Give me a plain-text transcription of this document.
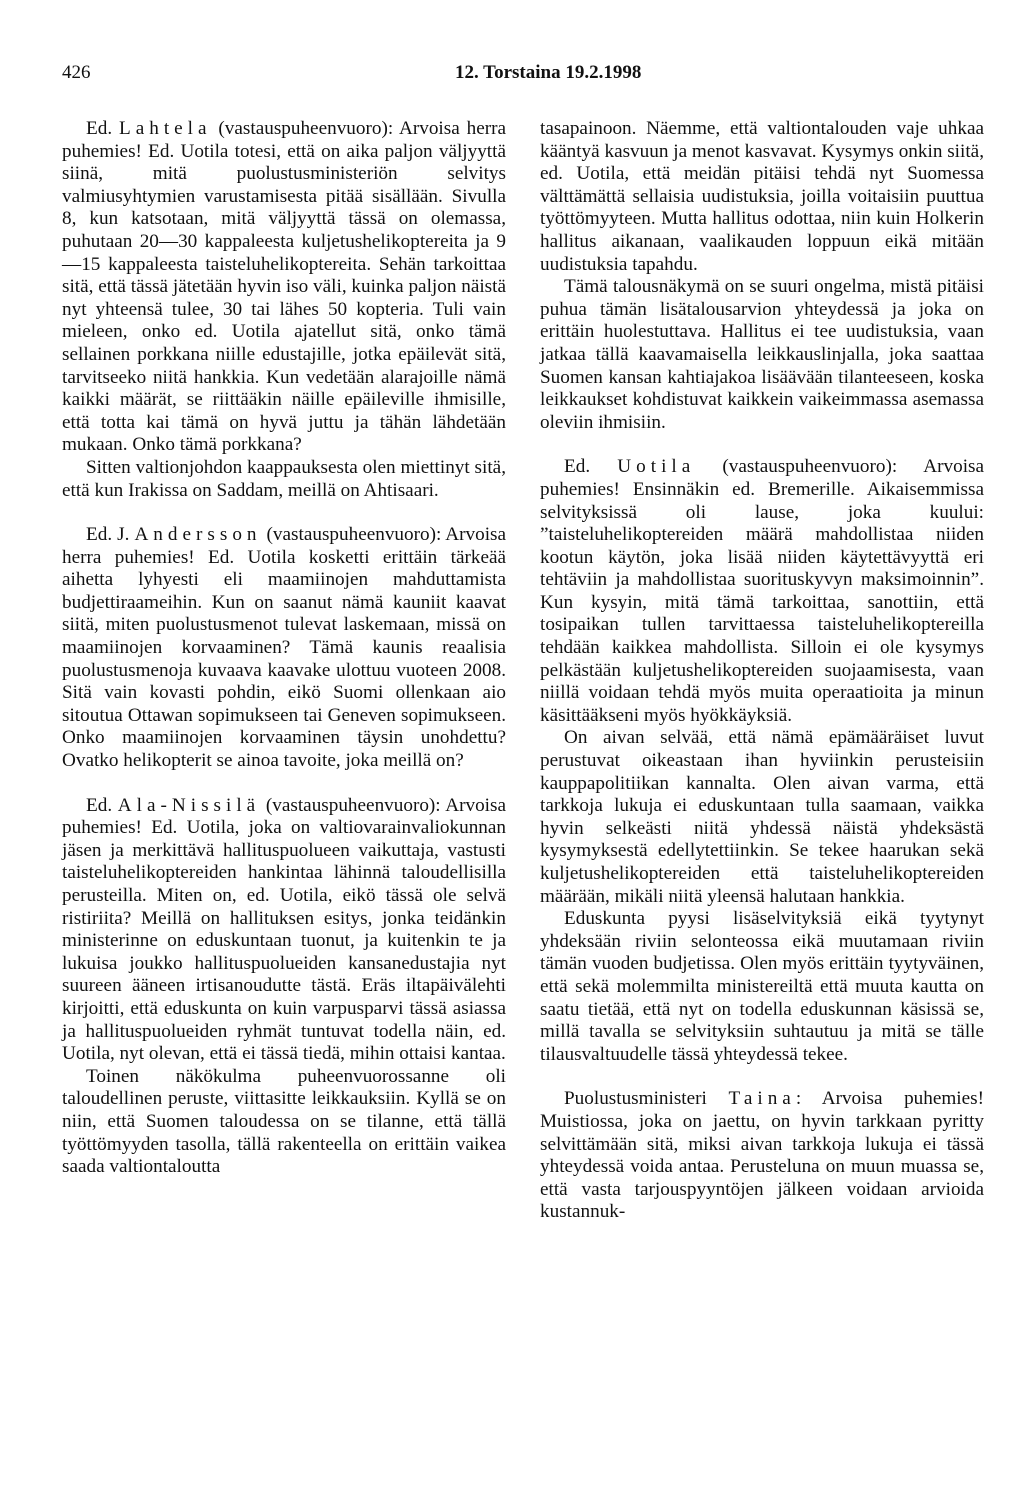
426	12. Torstaina 19.2.1998

Ed. Lahtela (vastauspuheenvuoro): Arvoisa herra puhemies! Ed. Uotila totesi, että on aika paljon väljyyttä siinä, mitä puolustusministeriön selvitys valmiusyhtymien varustamisesta pitää sisällään. Sivulla 8, kun katsotaan, mitä väljyyttä tässä on olemassa, puhutaan 20—30 kappaleesta kuljetushelikoptereita ja 9—15 kappaleesta taisteluhelikoptereita. Sehän tarkoittaa sitä, että tässä jätetään hyvin iso väli, kuinka paljon näistä nyt yhteensä tulee, 30 tai lähes 50 kopteria. Tuli vain mieleen, onko ed. Uotila ajatellut sitä, onko tämä sellainen porkkana niille edustajille, jotka epäilevät sitä, tarvitseeko niitä hankkia. Kun vedetään alarajoille nämä kaikki määrät, se riittääkin näille epäileville ihmisille, että totta kai tämä on hyvä juttu ja tähän lähdetään mukaan. Onko tämä porkkana?

Sitten valtionjohdon kaappauksesta olen miettinyt sitä, että kun Irakissa on Saddam, meillä on Ahtisaari.

Ed. J. Andersson (vastauspuheenvuoro): Arvoisa herra puhemies! Ed. Uotila kosketti erittäin tärkeää aihetta lyhyesti eli maamiinojen mahduttamista budjettiraameihin. Kun on saanut nämä kauniit kaavat siitä, miten puolustusmenot tulevat laskemaan, missä on maamiinojen korvaaminen? Tämä kaunis reaalisia puolustusmenoja kuvaava kaavake ulottuu vuoteen 2008. Sitä vain kovasti pohdin, eikö Suomi ollenkaan aio sitoutua Ottawan sopimukseen tai Geneven sopimukseen. Onko maamiinojen korvaaminen täysin unohdettu? Ovatko helikopterit se ainoa tavoite, joka meillä on?

Ed. Ala-Nissilä (vastauspuheenvuoro): Arvoisa puhemies! Ed. Uotila, joka on valtiovarainvaliokunnan jäsen ja merkittävä hallituspuolueen vaikuttaja, vastusti taisteluhelikoptereiden hankintaa lähinnä taloudellisilla perusteilla. Miten on, ed. Uotila, eikö tässä ole selvä ristiriita? Meillä on hallituksen esitys, jonka teidänkin ministerinne on eduskuntaan tuonut, ja kuitenkin te ja lukuisa joukko hallituspuolueiden kansanedustajia nyt suureen ääneen irtisanoudutte tästä. Eräs iltapäivälehti kirjoitti, että eduskunta on kuin varpusparvi tässä asiassa ja hallituspuolueiden ryhmät tuntuvat todella näin, ed. Uotila, nyt olevan, että ei tässä tiedä, mihin ottaisi kantaa.

Toinen näkökulma puheenvuorossanne oli taloudellinen peruste, viittasitte leikkauksiin. Kyllä se on niin, että Suomen taloudessa on se tilanne, että tällä työttömyyden tasolla, tällä rakenteella on erittäin vaikea saada valtiontaloutta

tasapainoon. Näemme, että valtiontalouden vaje uhkaa kääntyä kasvuun ja menot kasvavat. Kysymys onkin siitä, ed. Uotila, että meidän pitäisi tehdä nyt Suomessa välttämättä sellaisia uudistuksia, joilla voitaisiin puuttua työttömyyteen. Mutta hallitus odottaa, niin kuin Holkerin hallitus aikanaan, vaalikauden loppuun eikä mitään uudistuksia tapahdu.

Tämä talousnäkymä on se suuri ongelma, mistä pitäisi puhua tämän lisätalousarvion yhteydessä ja joka on erittäin huolestuttava. Hallitus ei tee uudistuksia, vaan jatkaa tällä kaavamaisella leikkauslinjalla, joka saattaa Suomen kansan kahtiajakoa lisäävään tilanteeseen, koska leikkaukset kohdistuvat kaikkein vaikeimmassa asemassa oleviin ihmisiin.

Ed. Uotila (vastauspuheenvuoro): Arvoisa puhemies! Ensinnäkin ed. Bremerille. Aikaisemmissa selvityksissä oli lause, joka kuului: ”taisteluhelikoptereiden määrä mahdollistaa niiden kootun käytön, joka lisää niiden käytettävyyttä eri tehtäviin ja mahdollistaa suorituskyvyn maksimoinnin”. Kun kysyin, mitä tämä tarkoittaa, sanottiin, että tosipaikan tullen tarvittaessa taisteluhelikoptereilla tehdään kaikkea mahdollista. Silloin ei ole kysymys pelkästään kuljetushelikoptereiden suojaamisesta, vaan niillä voidaan tehdä myös muita operaatioita ja minun käsittääkseni myös hyökkäyksiä.

On aivan selvää, että nämä epämääräiset luvut perustuvat oikeastaan ihan hyviinkin perusteisiin kauppapolitiikan kannalta. Olen aivan varma, että tarkkoja lukuja ei eduskuntaan tulla saamaan, vaikka hyvin selkeästi niitä yhdessä näistä yhdeksästä kysymyksestä edellytettiinkin. Se tekee haarukan sekä kuljetushelikoptereiden että taisteluhelikoptereiden määrään, mikäli niitä yleensä halutaan hankkia.

Eduskunta pyysi lisäselvityksiä eikä tyytynyt yhdeksään riviin selonteossa eikä muutamaan riviin tämän vuoden budjetissa. Olen myös erittäin tyytyväinen, että sekä molemmilta ministereiltä että muuta kautta on saatu tietää, että nyt on todella eduskunnan käsissä se, millä tavalla se selvityksiin suhtautuu ja mitä se tälle tilausvaltuudelle tässä yhteydessä tekee.

Puolustusministeri Taina: Arvoisa puhemies! Muistiossa, joka on jaettu, on hyvin tarkkaan pyritty selvittämään sitä, miksi aivan tarkkoja lukuja ei tässä yhteydessä voida antaa. Perusteluna on muun muassa se, että vasta tarjouspyyntöjen jälkeen voidaan arvioida kustannuk-
